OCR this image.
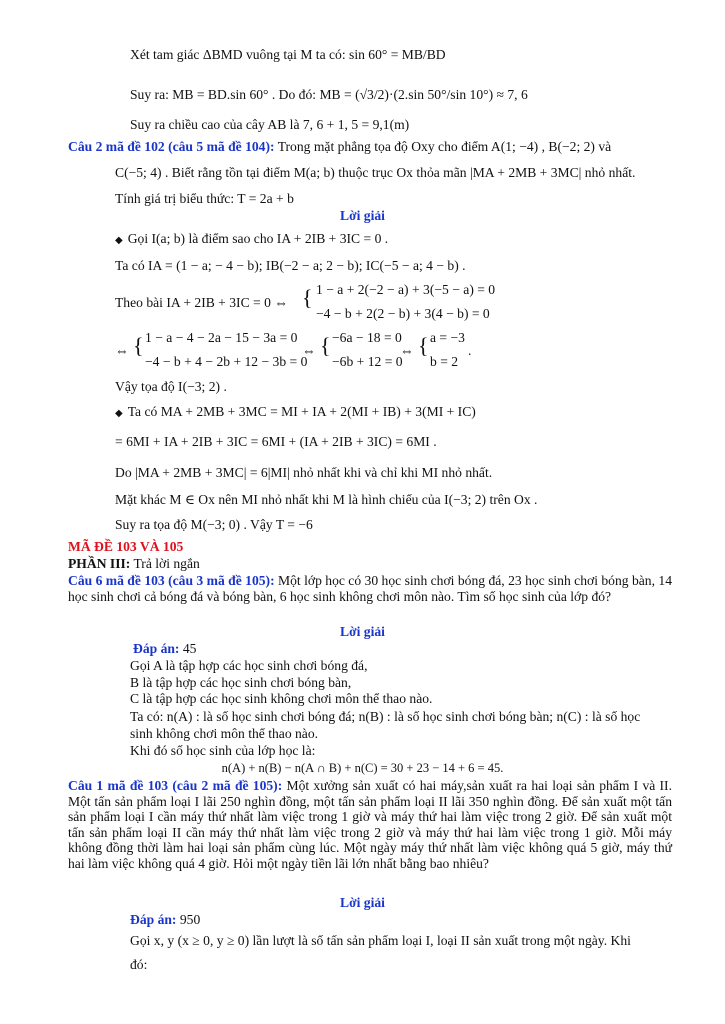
Xét tam giác ΔBMD vuông tại M ta có: sin 60° = MB/BD
Suy ra: MB = BD.sin 60° . Do đó: MB = (√3/2)·(2.sin 50°/sin 10°) ≈ 7, 6
Suy ra chiều cao của cây AB là 7, 6 + 1, 5 = 9,1(m)
Câu 2 mã đề 102 (câu 5 mã đề 104): Trong mặt phẳng tọa độ Oxy cho điểm A(1; −4) , B(−2; 2) và
C(−5; 4) . Biết rằng tồn tại điểm M(a; b) thuộc trục Ox thỏa mãn |MA + 2MB + 3MC| nhỏ nhất.
Tính giá trị biểu thức: T = 2a + b
Lời giải
◆ Gọi I(a; b) là điểm sao cho IA + 2IB + 3IC = 0 .
Ta có IA = (1 − a; − 4 − b); IB(−2 − a; 2 − b); IC(−5 − a; 4 − b) .
Theo bài IA + 2IB + 3IC = 0 ⇔ { 1 − a + 2(−2 − a) + 3(−5 − a) = 0
−4 − b + 2(2 − b) + 3(4 − b) = 0
⇔ { 1 − a − 4 − 2a − 15 − 3a = 0
−4 − b + 4 − 2b + 12 − 3b = 0
⇔ { −6a − 18 = 0
−6b + 12 = 0
⇔ { a = −3
b = 2
.
Vậy tọa độ I(−3; 2) .
◆ Ta có MA + 2MB + 3MC = MI + IA + 2(MI + IB) + 3(MI + IC)
= 6MI + IA + 2IB + 3IC = 6MI + (IA + 2IB + 3IC) = 6MI .
Do |MA + 2MB + 3MC| = 6|MI| nhỏ nhất khi và chỉ khi MI nhỏ nhất.
Mặt khác M ∈ Ox nên MI nhỏ nhất khi M là hình chiếu của I(−3; 2) trên Ox .
Suy ra tọa độ M(−3; 0) . Vậy T = −6
MÃ ĐỀ 103 VÀ 105
PHẦN III: Trả lời ngắn
Câu 6 mã đề 103 (câu 3 mã đề 105): Một lớp học có 30 học sinh chơi bóng đá, 23 học sinh chơi bóng bàn, 14 học sinh chơi cả bóng đá và bóng bàn, 6 học sinh không chơi môn nào. Tìm số học sinh của lớp đó?
Lời giải
Đáp án: 45
Gọi A là tập hợp các học sinh chơi bóng đá,
B là tập hợp các học sinh chơi bóng bàn,
C là tập hợp các học sinh không chơi môn thể thao nào.
Ta có: n(A) : là số học sinh chơi bóng đá; n(B) : là số học sinh chơi bóng bàn; n(C) : là số học
sinh không chơi môn thể thao nào.
Khi đó số học sinh của lớp học là:
n(A) + n(B) − n(A ∩ B) + n(C) = 30 + 23 − 14 + 6 = 45.
Câu 1 mã đề 103 (câu 2 mã đề 105): Một xưởng sản xuất có hai máy,sản xuất ra hai loại sản phẩm I và II. Một tấn sản phẩm loại I lãi 250 nghìn đồng, một tấn sản phẩm loại II lãi 350 nghìn đồng. Để sản xuất một tấn sản phẩm loại I cần máy thứ nhất làm việc trong 1 giờ và máy thứ hai làm việc trong 2 giờ. Để sản xuất một tấn sản phẩm loại II cần máy thứ nhất làm việc trong 2 giờ và máy thứ hai làm việc trong 1 giờ. Mỗi máy không đồng thời làm hai loại sản phẩm cùng lúc. Một ngày máy thứ nhất làm việc không quá 5 giờ, máy thứ hai làm việc không quá 4 giờ. Hỏi một ngày tiền lãi lớn nhất bằng bao nhiêu?
Lời giải
Đáp án: 950
Gọi x, y (x ≥ 0, y ≥ 0) lần lượt là số tấn sản phẩm loại I, loại II sản xuất trong một ngày. Khi
đó:
